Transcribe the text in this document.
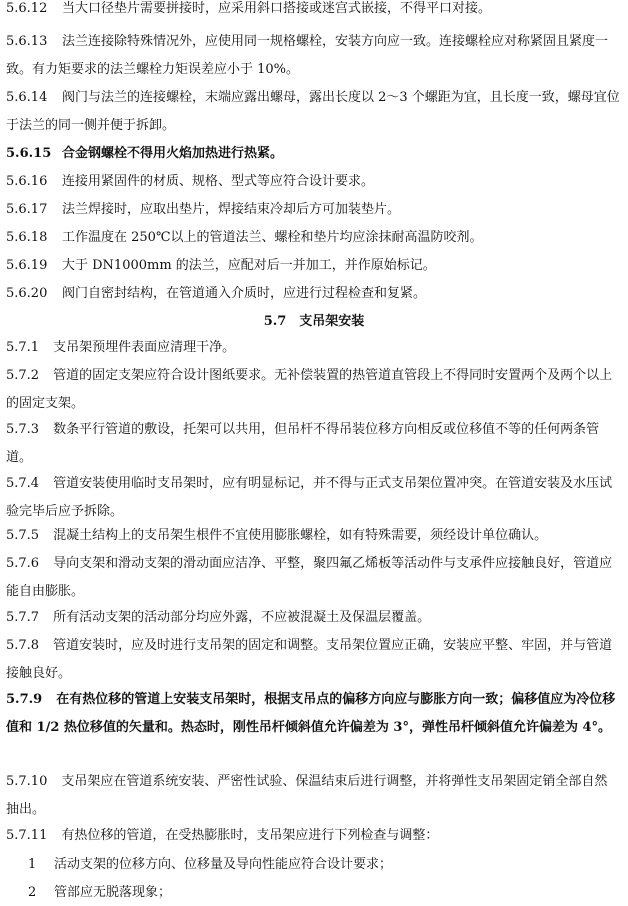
5.6.12 当大口径垫片需要拼接时，应采用斜口搭接或迷宫式嵌接，不得平口对接。

5.6.13 法兰连接除特殊情况外，应使用同一规格螺栓，安装方向应一致。连接螺栓应对称紧固且紧度一致。有力矩要求的法兰螺栓力矩误差应小于 10%。

5.6.14 阀门与法兰的连接螺栓，末端应露出螺母，露出长度以 2～3 个螺距为宜，且长度一致，螺母宜位于法兰的同一侧并便于拆卸。

5.6.15 合金钢螺栓不得用火焰加热进行热紧。

5.6.16 连接用紧固件的材质、规格、型式等应符合设计要求。

5.6.17 法兰焊接时，应取出垫片，焊接结束冷却后方可加装垫片。

5.6.18 工作温度在 250℃以上的管道法兰、螺栓和垫片均应涂抹耐高温防咬剂。

5.6.19 大于 DN1000mm 的法兰，应配对后一并加工，并作原始标记。

5.6.20 阀门自密封结构，在管道通入介质时，应进行过程检查和复紧。

5.7　支吊架安装

5.7.1 支吊架预埋件表面应清理干净。

5.7.2 管道的固定支架应符合设计图纸要求。无补偿装置的热管道直管段上不得同时安置两个及两个以上的固定支架。

5.7.3 数条平行管道的敷设，托架可以共用，但吊杆不得吊装位移方向相反或位移值不等的任何两条管道。

5.7.4 管道安装使用临时支吊架时，应有明显标记，并不得与正式支吊架位置冲突。在管道安装及水压试验完毕后应予拆除。

5.7.5 混凝土结构上的支吊架生根件不宜使用膨胀螺栓，如有特殊需要，须经设计单位确认。

5.7.6 导向支架和滑动支架的滑动面应洁净、平整，聚四氟乙烯板等活动件与支承件应接触良好，管道应能自由膨胀。

5.7.7 所有活动支架的活动部分均应外露，不应被混凝土及保温层覆盖。

5.7.8 管道安装时，应及时进行支吊架的固定和调整。支吊架位置应正确，安装应平整、牢固，并与管道接触良好。

5.7.9 在有热位移的管道上安装支吊架时，根据支吊点的偏移方向应与膨胀方向一致；偏移值应为冷位移值和 1/2 热位移值的矢量和。热态时，刚性吊杆倾斜值允许偏差为 3°，弹性吊杆倾斜值允许偏差为 4°。

5.7.10 支吊架应在管道系统安装、严密性试验、保温结束后进行调整，并将弹性支吊架固定销全部自然抽出。

5.7.11 有热位移的管道，在受热膨胀时，支吊架应进行下列检查与调整：

1 活动支架的位移方向、位移量及导向性能应符合设计要求；

2 管部应无脱落现象；
